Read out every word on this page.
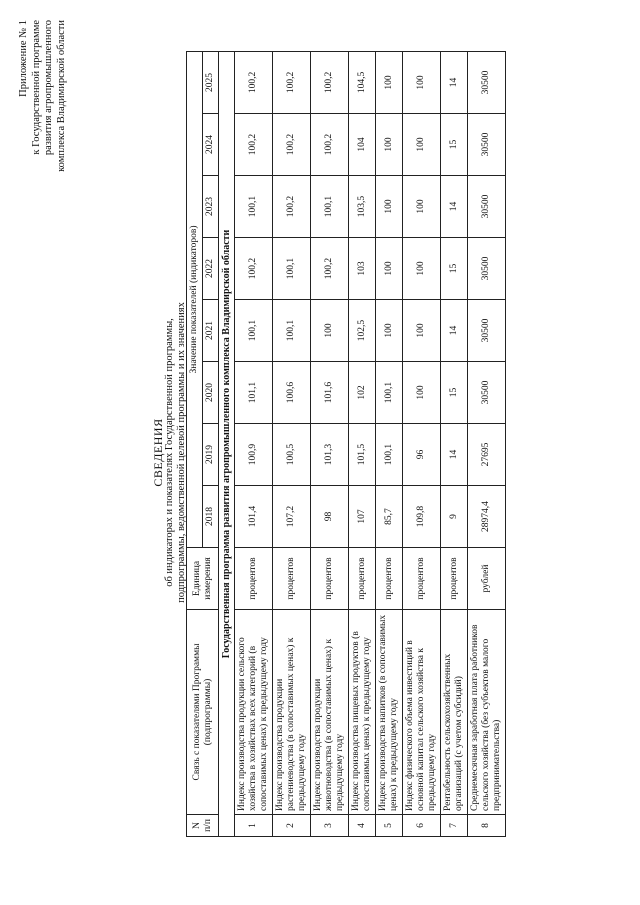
Приложение № 1 к Государственной программе развития агропромышленного комплекса Владимирской области
СВЕДЕНИЯ об индикаторах и показателях Государственной программы, подпрограммы, ведомственной целевой программы и их значениях
N п/п	Связь с показателями Программы (подпрограммы)	Единица измерения	Значение показателей (индикаторов)							
			2018	2019	2020	2021	2022	2023	2024	2025
Государственная программа развития агропромышленного комплекса Владимирской области										
1	Индекс производства продукции сельского хозяйства в хозяйствах всех категорий (в сопоставимых ценах) к предыдущему году	процентов	101,4	100,9	101,1	100,1	100,2	100,1	100,2	100,2
2	Индекс производства продукции растениеводства (в сопоставимых ценах) к предыдущему году	процентов	107,2	100,5	100,6	100,1	100,1	100,2	100,2	100,2
3	Индекс производства продукции животноводства (в сопоставимых ценах) к предыдущему году	процентов	98	101,3	101,6	100	100,2	100,1	100,2	100,2
4	Индекс производства пищевых продуктов (в сопоставимых ценах) к предыдущему году	процентов	107	101,5	102	102,5	103	103,5	104	104,5
5	Индекс производства напитков (в сопоставимых ценах) к предыдущему году	процентов	85,7	100,1	100,1	100	100	100	100	100
6	Индекс физического объема инвестиций в основной капитал сельского хозяйства к предыдущему году	процентов	109,8	96	100	100	100	100	100	100
7	Рентабельность сельскохозяйственных организаций (с учетом субсидий)	процентов	9	14	15	14	15	14	15	14
8	Среднемесячная заработная плата работников сельского хозяйства (без субъектов малого предпринимательства)	рублей	28974,4	27695	30500	30500	30500	30500	30500	30500
